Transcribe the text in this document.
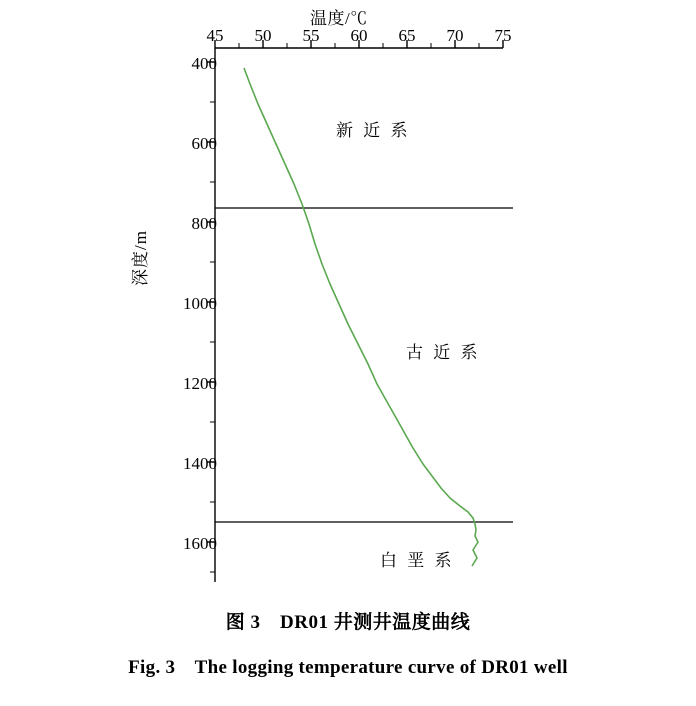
温度/℃
深度/m
45	50	55	60	65	70	75
400
600
800
1000
1200
1400
1600
新 近 系
古 近 系
白 垩 系
图 3　DR01 井测井温度曲线
Fig. 3　The logging temperature curve of DR01 well
